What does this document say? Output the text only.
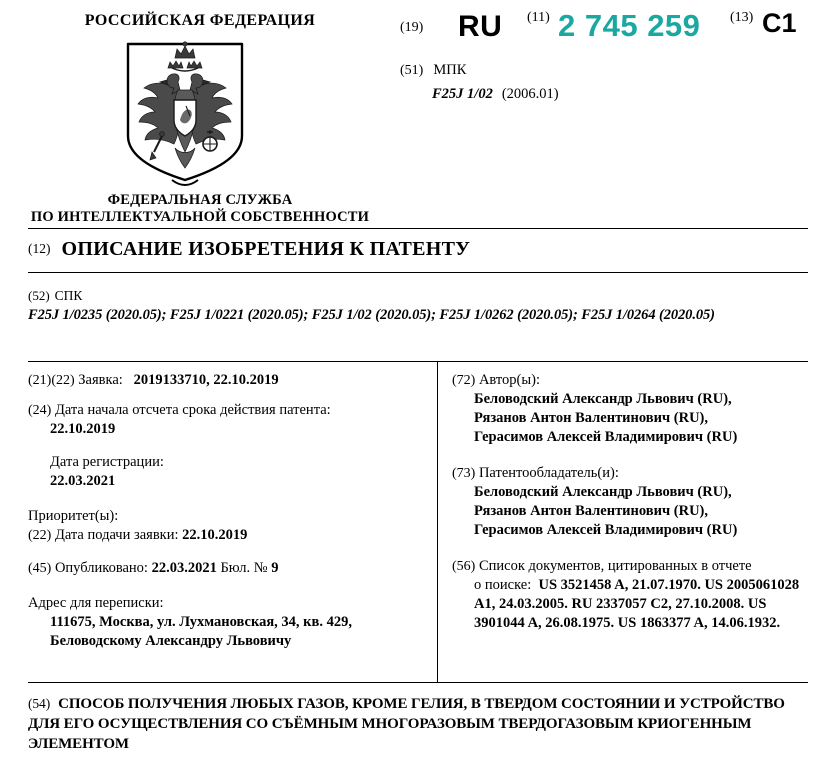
РОССИЙСКАЯ ФЕДЕРАЦИЯ
ФЕДЕРАЛЬНАЯ СЛУЖБА
ПО ИНТЕЛЛЕКТУАЛЬНОЙ СОБСТВЕННОСТИ
(19) RU (11) 2 745 259 (13) C1
(51) МПК
F25J 1/02 (2006.01)
(12) ОПИСАНИЕ ИЗОБРЕТЕНИЯ К ПАТЕНТУ
(52) СПК
F25J 1/0235 (2020.05); F25J 1/0221 (2020.05); F25J 1/02 (2020.05); F25J 1/0262 (2020.05); F25J 1/0264 (2020.05)
(21)(22) Заявка: 2019133710, 22.10.2019
(24) Дата начала отсчета срока действия патента:
22.10.2019
Дата регистрации:
22.03.2021
Приоритет(ы):
(22) Дата подачи заявки: 22.10.2019
(45) Опубликовано: 22.03.2021 Бюл. № 9
Адрес для переписки:
111675, Москва, ул. Лухмановская, 34, кв. 429,
Беловодскому Александру Львовичу
(72) Автор(ы):
Беловодский Александр Львович (RU),
Рязанов Антон Валентинович (RU),
Герасимов Алексей Владимирович (RU)
(73) Патентообладатель(и):
Беловодский Александр Львович (RU),
Рязанов Антон Валентинович (RU),
Герасимов Алексей Владимирович (RU)
(56) Список документов, цитированных в отчете
о поиске: US 3521458 A, 21.07.1970. US 2005061028 A1, 24.03.2005. RU 2337057 C2, 27.10.2008. US 3901044 A, 26.08.1975. US 1863377 A, 14.06.1932.
(54) СПОСОБ ПОЛУЧЕНИЯ ЛЮБЫХ ГАЗОВ, КРОМЕ ГЕЛИЯ, В ТВЕРДОМ СОСТОЯНИИ И УСТРОЙСТВО ДЛЯ ЕГО ОСУЩЕСТВЛЕНИЯ СО СЪЁМНЫМ МНОГОРАЗОВЫМ ТВЕРДОГАЗОВЫМ КРИОГЕННЫМ ЭЛЕМЕНТОМ
